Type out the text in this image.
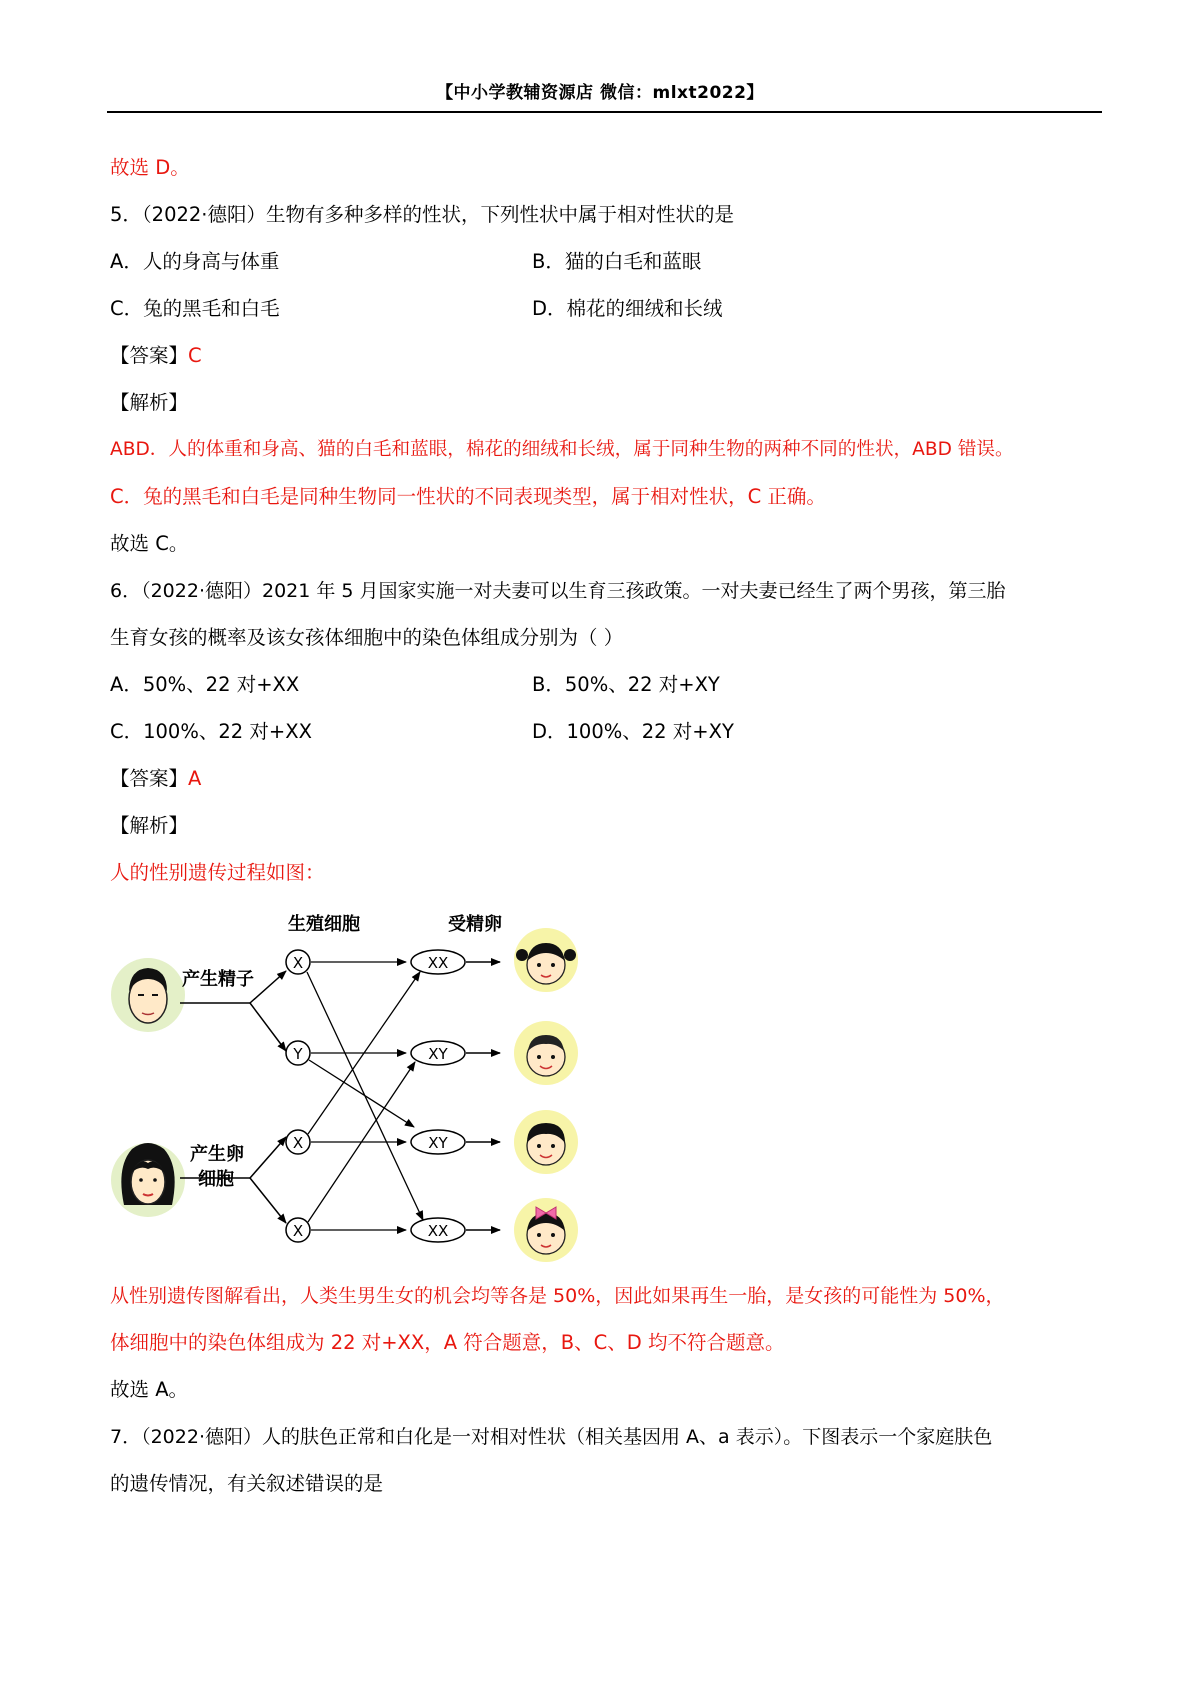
【中小学教辅资源店 微信：mlxt2022】
故选 D。
5．（2022·德阳）生物有多种多样的性状，下列性状中属于相对性状的是
A．人的身高与体重	B．猫的白毛和蓝眼
C．兔的黑毛和白毛	D．棉花的细绒和长绒
【答案】C
【解析】
ABD．人的体重和身高、猫的白毛和蓝眼，棉花的细绒和长绒，属于同种生物的两种不同的性状，ABD 错误。
C．兔的黑毛和白毛是同种生物同一性状的不同表现类型，属于相对性状，C 正确。
故选 C。
6．（2022·德阳）2021 年 5 月国家实施一对夫妻可以生育三孩政策。一对夫妻已经生了两个男孩，第三胎
生育女孩的概率及该女孩体细胞中的染色体组成分别为（ ）
A．50%、22 对+XX	B．50%、22 对+XY
C．100%、22 对+XX	D．100%、22 对+XY
【答案】A
【解析】
人的性别遗传过程如图：
生殖细胞	受精卵
产生精子
产生卵
细胞
X
Y
X
X
XX
XY
XY
XX
从性别遗传图解看出，人类生男生女的机会均等各是 50%，因此如果再生一胎，是女孩的可能性为 50%，
体细胞中的染色体组成为 22 对+XX，A 符合题意，B、C、D 均不符合题意。
故选 A。
7．（2022·德阳）人的肤色正常和白化是一对相对性状（相关基因用 A、a 表示）。下图表示一个家庭肤色
的遗传情况，有关叙述错误的是
